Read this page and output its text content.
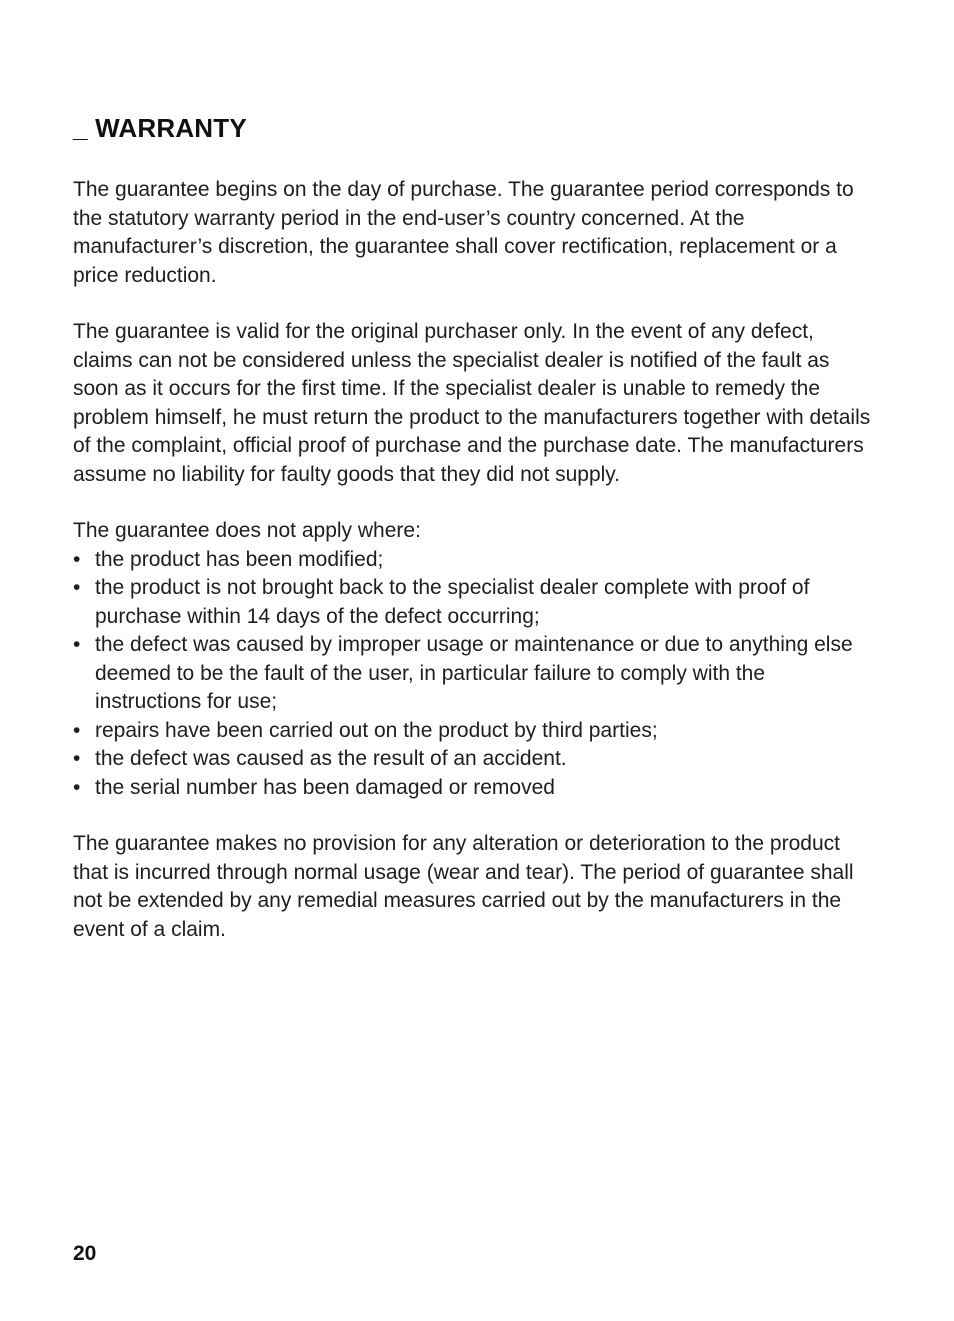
_ WARRANTY

The guarantee begins on the day of purchase. The guarantee period corresponds to the statutory warranty period in the end-user’s country concerned. At the manufacturer’s discretion, the guarantee shall cover rectification, replacement or a price reduction.

The guarantee is valid for the original purchaser only. In the event of any defect, claims can not be considered unless the specialist dealer is notified of the fault as soon as it occurs for the first time. If the specialist dealer is unable to remedy the problem himself, he must return the product to the manufacturers together with details of the complaint, official proof of purchase and the purchase date. The manufacturers assume no liability for faulty goods that they did not supply.

The guarantee does not apply where:

• the product has been modified;
• the product is not brought back to the specialist dealer complete with proof of purchase within 14 days of the defect occurring;
• the defect was caused by improper usage or maintenance or due to anything else deemed to be the fault of the user, in particular failure to comply with the instructions for use;
• repairs have been carried out on the product by third parties;
• the defect was caused as the result of an accident.
• the serial number has been damaged or removed

The guarantee makes no provision for any alteration or deterioration to the product that is incurred through normal usage (wear and tear). The period of guarantee shall not be extended by any remedial measures carried out by the manufacturers in the event of a claim.

20
